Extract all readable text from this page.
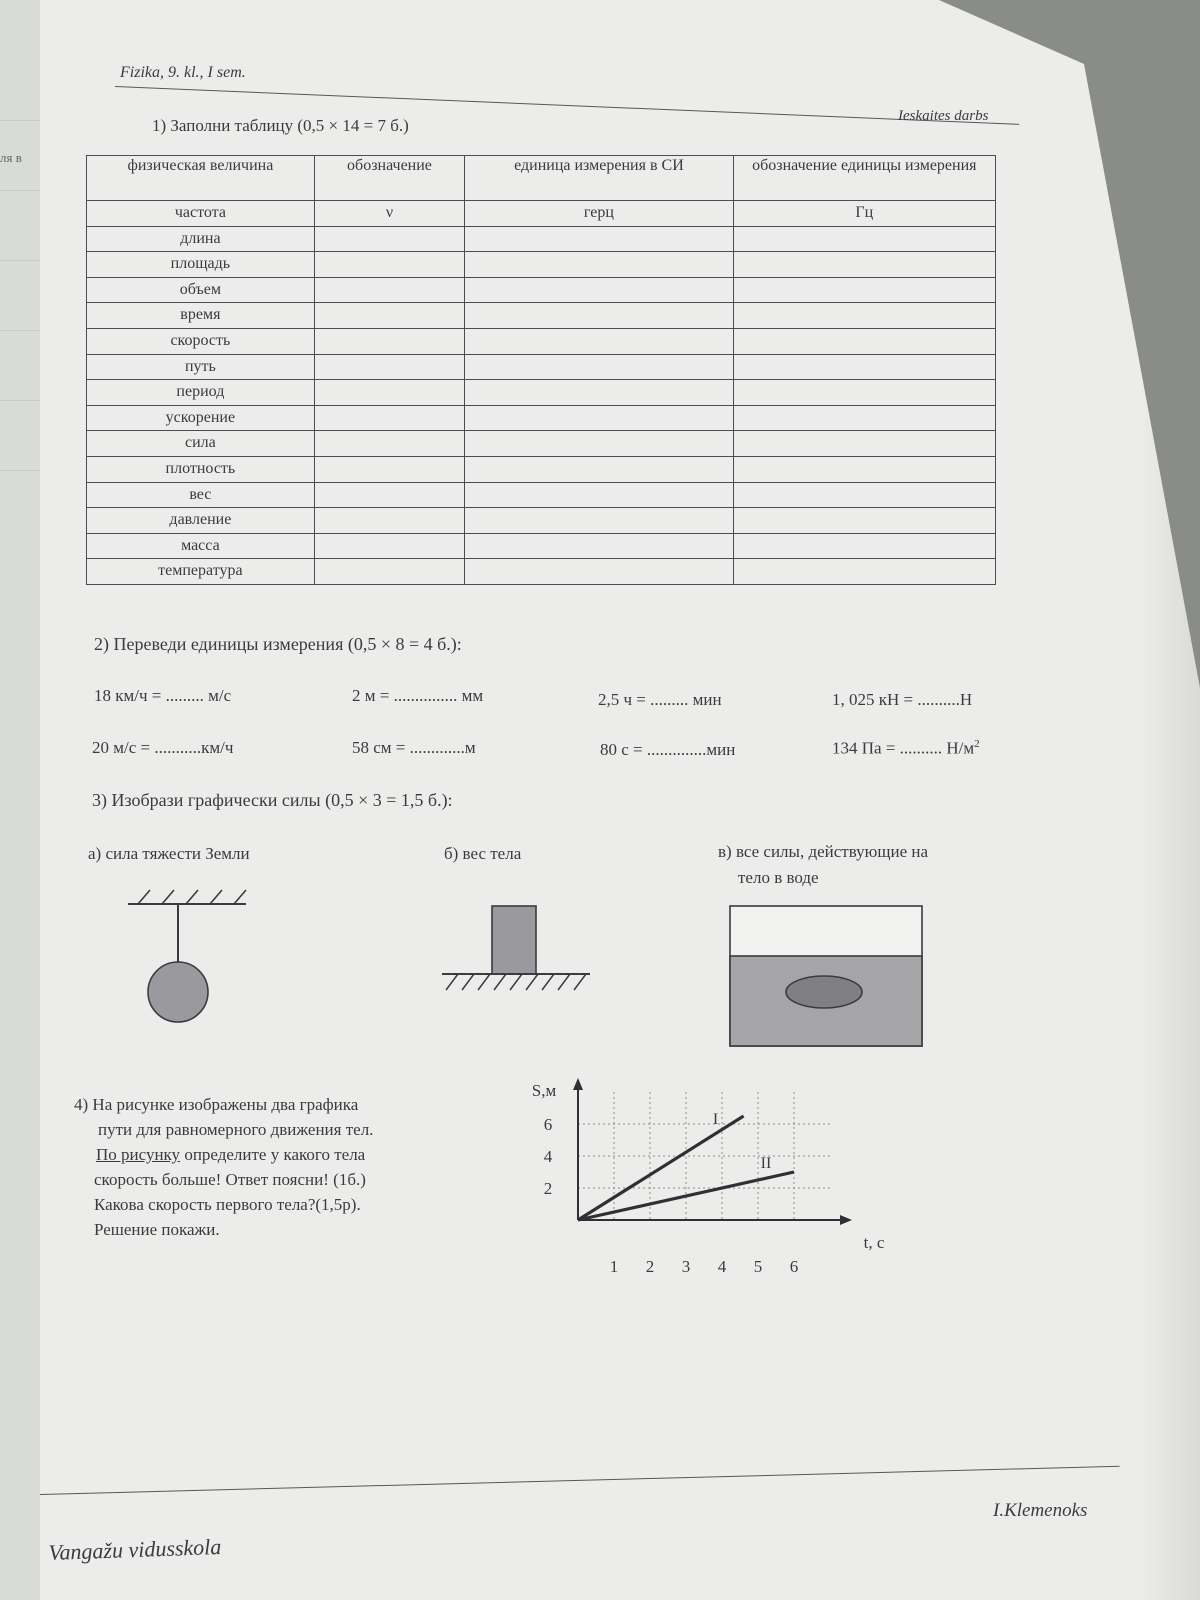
ля в
Fizika, 9. kl., I sem.
Ieskaites darbs
1) Заполни таблицу (0,5 × 14 = 7 б.)
физическая величина	обозначение	единица измерения в СИ	обозначение единицы измерения
частота	ν	герц	Гц
длина			
площадь			
объем			
время			
скорость			
путь			
период			
ускорение			
сила			
плотность			
вес			
давление			
масса			
температура			
2) Переведи единицы измерения (0,5 × 8 = 4 б.):
18 км/ч = ......... м/с	2 м = ............... мм	2,5 ч = ......... мин	1, 025 кН = ..........Н
20 м/с = ...........км/ч	58 см = .............м	80 с = ..............мин	134 Па = .......... $Н/м^2$
3) Изобрази графически силы (0,5 × 3 = 1,5 б.):
а) сила тяжести Земли	б) вес тела	в) все силы, действующие на
тело в воде
4) На рисунке изображены два графика
пути для равномерного движения тел.
По рисунку определите у какого тела
скорость больше! Ответ поясни! (1б.)
Какова скорость первого тела?(1,5р).
Решение покажи.
1 2 3 4 5 6
2
4
6
S,м
t, с
I
II
I.Klemenoks
Vangažu vidusskola
